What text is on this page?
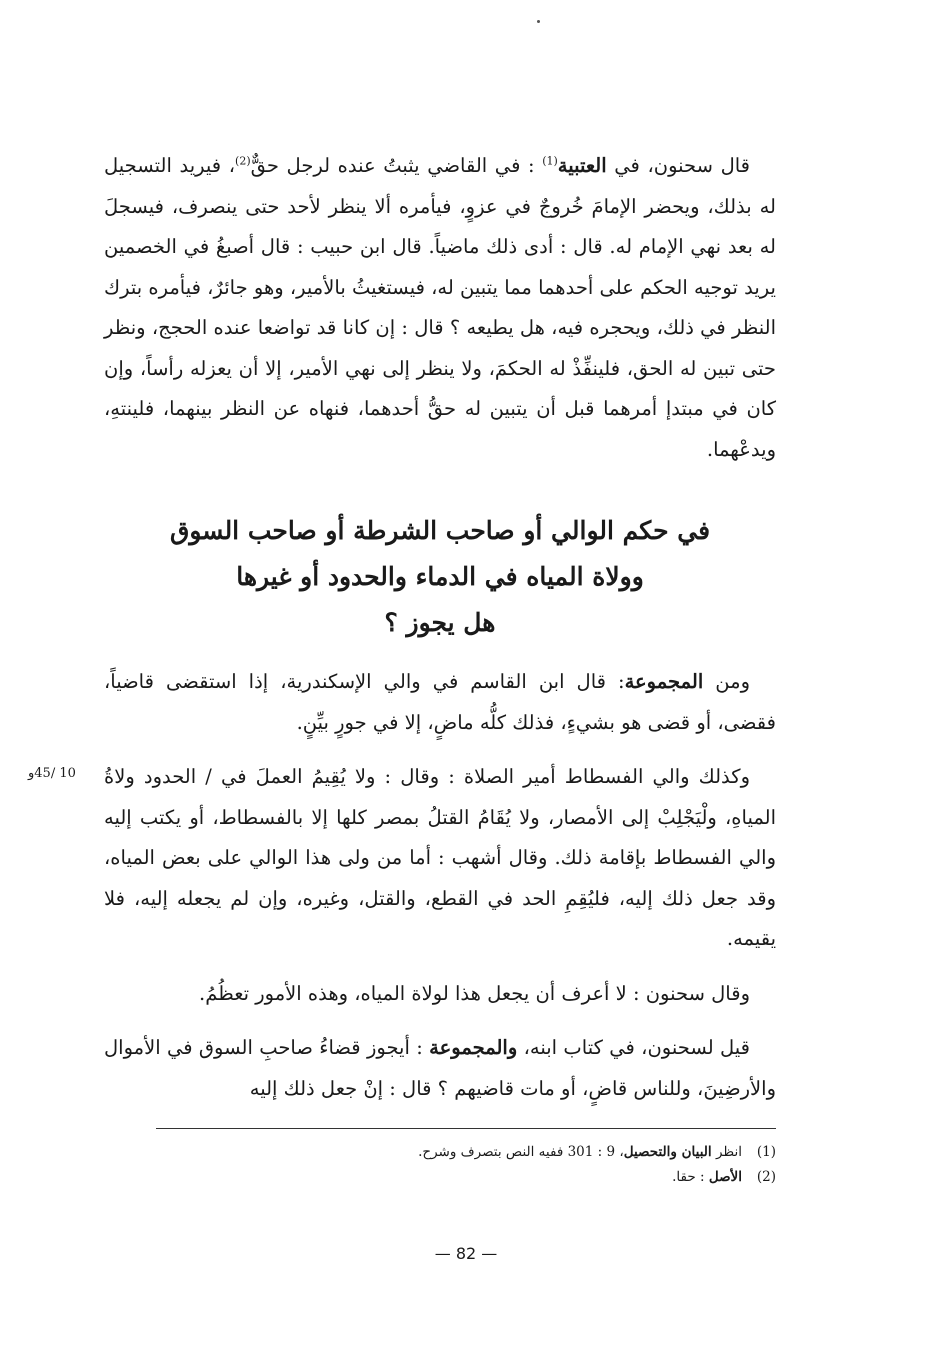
قال سحنون، في العتبية$^{(1)}$ : في القاضي يثبتُ عنده لرجل حقٌّ$^{(2)}$، فيريد التسجيل له بذلك، ويحضر الإمامَ خُروجٌ في عزوٍ، فيأمره ألا ينظر لأحد حتى ينصرف، فيسجلَ له بعد نهي الإمام له. قال : أدى ذلك ماضياً. قال ابن حبيب : قال أصبغُ في الخصمين يريد توجيه الحكم على أحدهما مما يتبين له، فيستغيثُ بالأمير، وهو جائرٌ، فيأمره بترك النظر في ذلك، ويحجره فيه، هل يطيعه ؟ قال : إن كانا قد تواضعا عنده الحجج، ونظر حتى تبين له الحق، فلينفِّذْ له الحكمَ، ولا ينظر إلى نهي الأمير، إلا أن يعزله رأساً، وإن كان في مبتدإ أمرهما قبل أن يتبين له حقُّ أحدهما، فنهاه عن النظر بينهما، فلينتهِ، ويدعْهما.

في حكم الوالي أو صاحب الشرطة أو صاحب السوق
وولاة المياه في الدماء والحدود أو غيرها
هل يجوز ؟

ومن المجموعة: قال ابن القاسم في والي الإسكندرية، إذا استقضى قاضياً، فقضى، أو قضى هو بشيءٍ، فذلك كلُّه ماضٍ، إلا في جورٍ بيِّنٍ.

وكذلك والي الفسطاط أمير الصلاة : وقال : ولا يُقِيمُ العملَ في / الحدود ولاةُ المياهِ، ولْيَجْلِبْ إلى الأمصار، ولا يُقَامُ القتلُ بمصر كلها إلا بالفسطاط، أو يكتب إليه والي الفسطاط بإقامة ذلك. وقال أشهب : أما من ولى هذا الوالي على بعض المياه، وقد جعل ذلك إليه، فليُقِمِ الحد في القطع، والقتل، وغيره، وإن لم يجعله إليه، فلا يقيمه.

وقال سحنون : لا أعرف أن يجعل هذا لولاة المياه، وهذه الأمور تعظُمُ.

قيل لسحنون، في كتاب ابنه، والمجموعة : أيجوز قضاءُ صاحبِ السوق في الأموال والأرضِينَ، وللناس قاضٍ، أو مات قاضيهم ؟ قال : إنْ جعل ذلك إليه

10 /45و
(1)انظر البيان والتحصيل، 9 : 301 ففيه النص بتصرف وشرح.
(2)الأصل : حقا.
— 82 —
